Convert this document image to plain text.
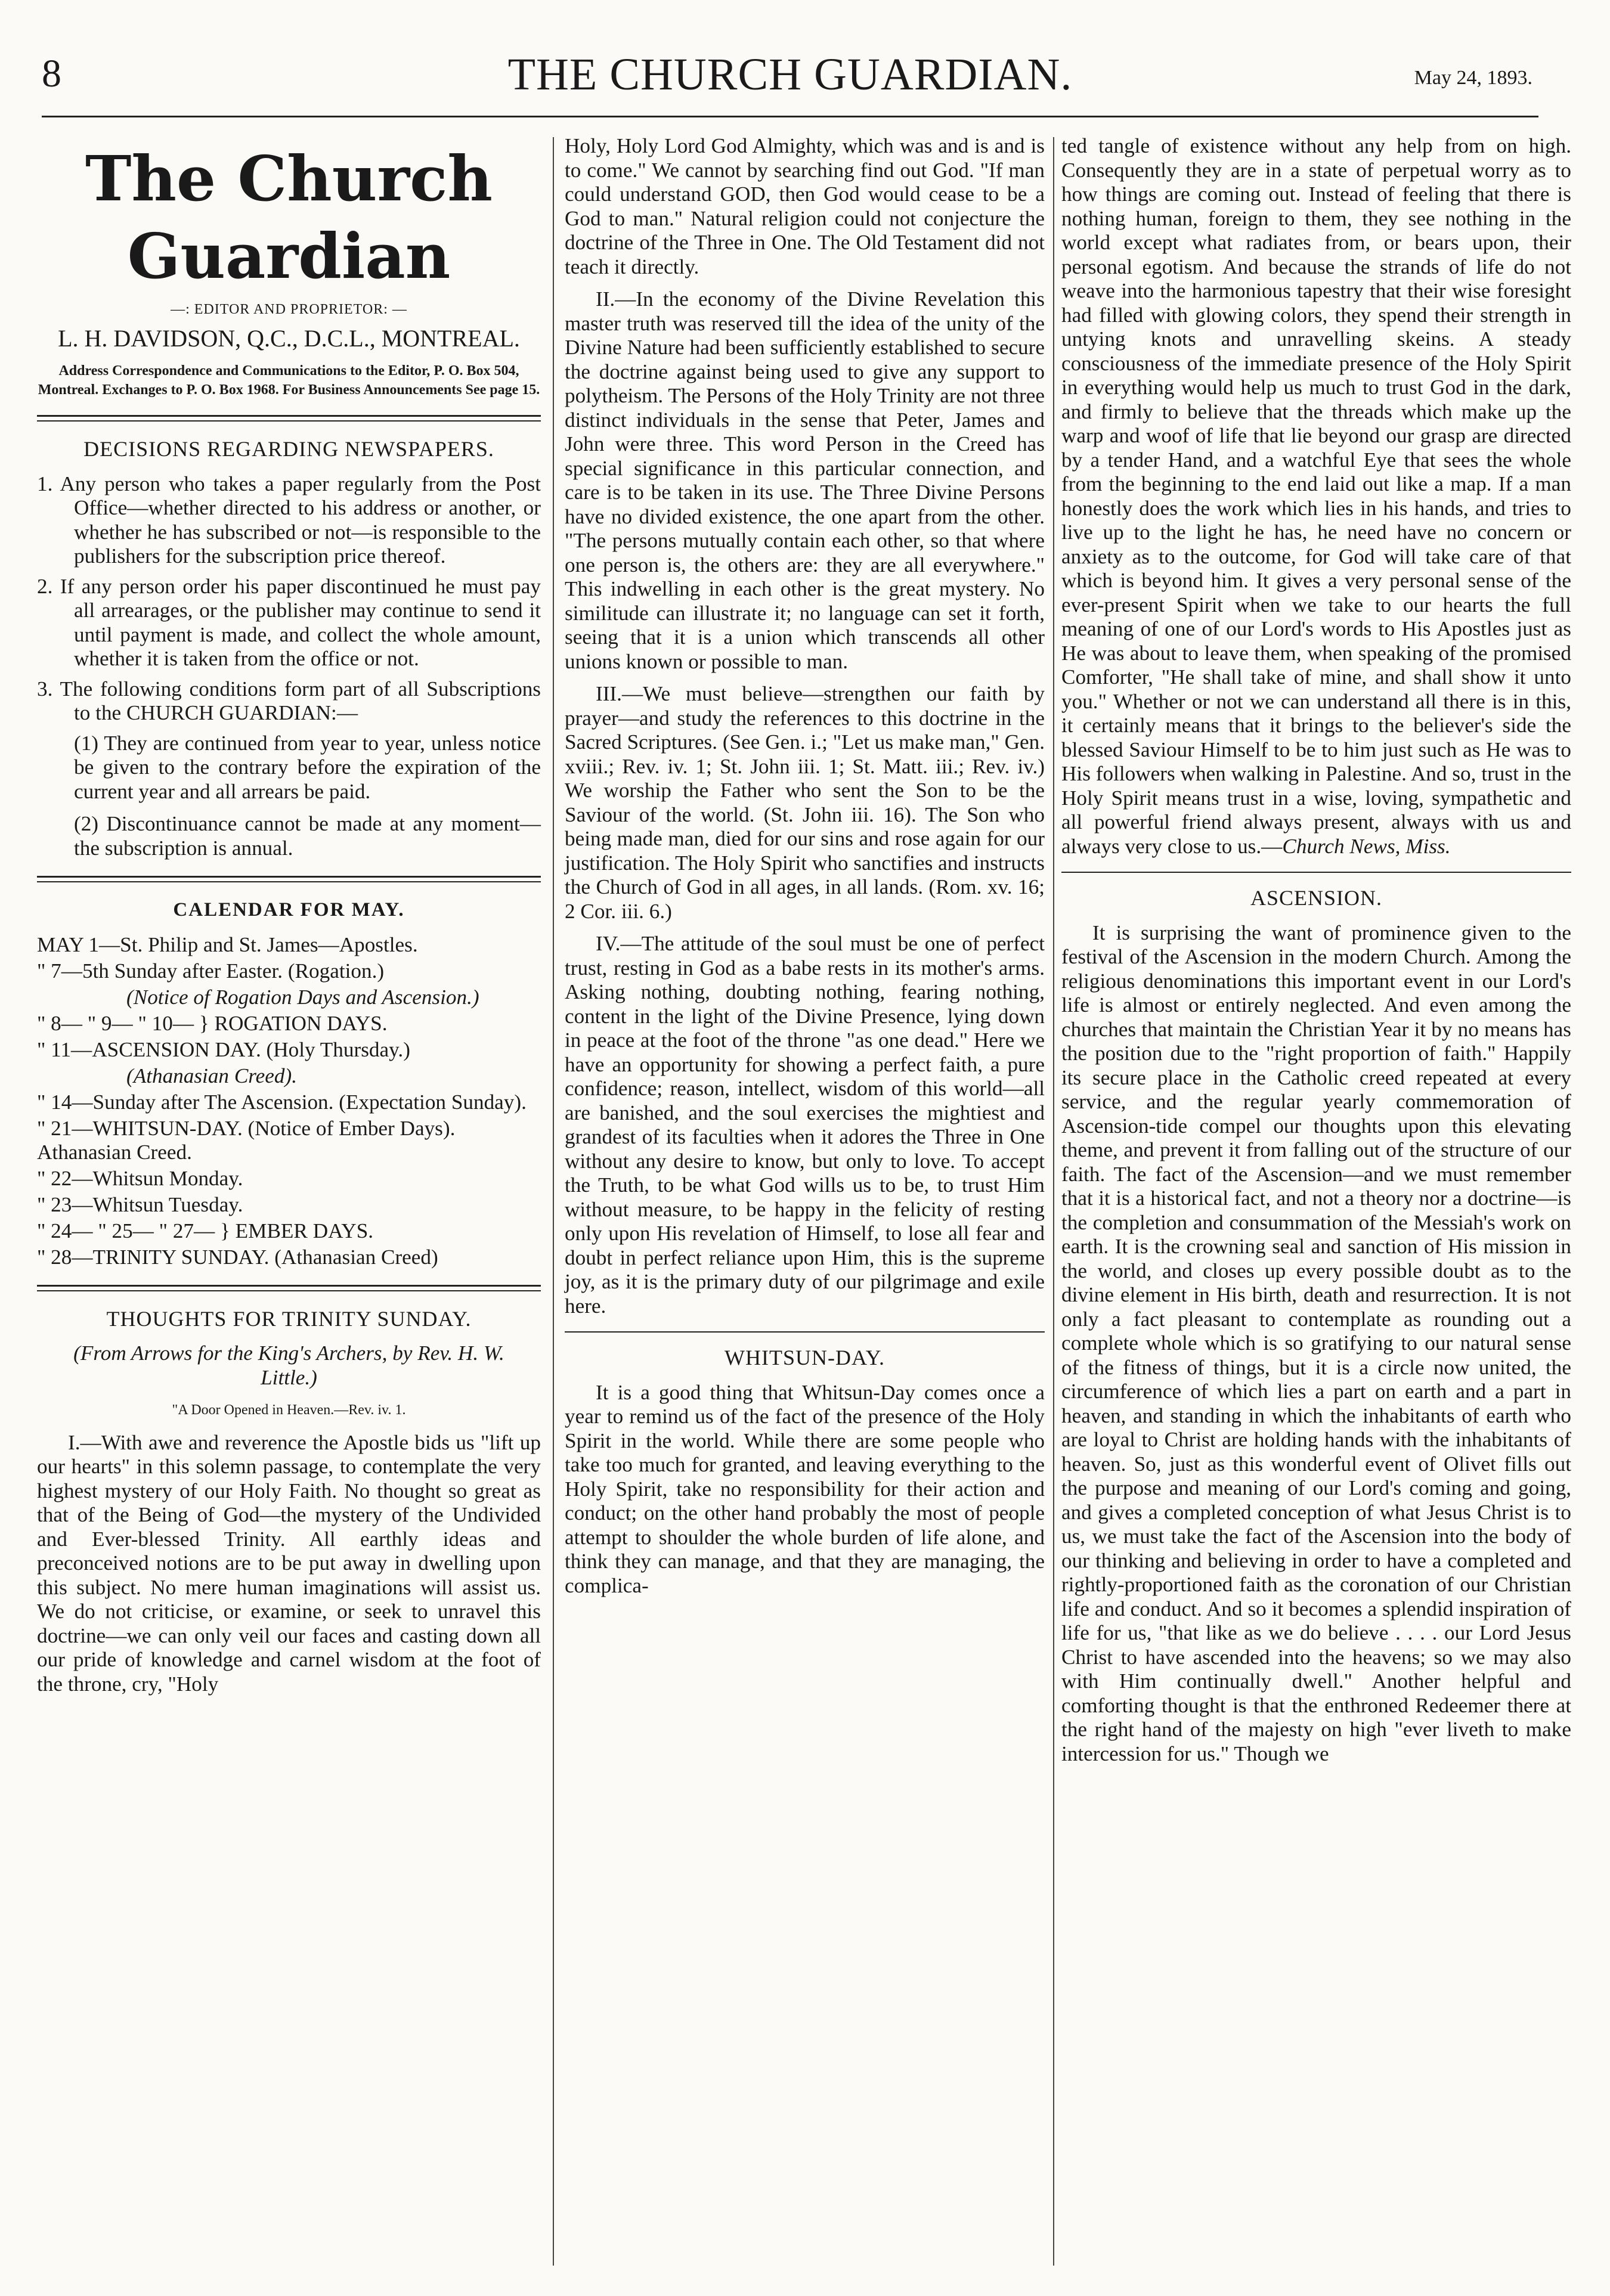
8	THE CHURCH GUARDIAN.	May 24, 1893.
The Church Guardian
—: EDITOR AND PROPRIETOR: —
L. H. DAVIDSON, Q.C., D.C.L., MONTREAL.
Address Correspondence and Communications to the Editor, P. O. Box 504, Montreal. Exchanges to P. O. Box 1968. For Business Announcements See page 15.
DECISIONS REGARDING NEWSPAPERS.

1. Any person who takes a paper regularly from the Post Office—whether directed to his address or another, or whether he has subscribed or not—is responsible to the publishers for the subscription price thereof.

2. If any person order his paper discontinued he must pay all arrearages, or the publisher may continue to send it until payment is made, and collect the whole amount, whether it is taken from the office or not.

3. The following conditions form part of all Subscriptions to the CHURCH GUARDIAN:—

(1) They are continued from year to year, unless notice be given to the contrary before the expiration of the current year and all arrears be paid.

(2) Discontinuance cannot be made at any moment—the subscription is annual.

CALENDAR FOR MAY.

MAY 1—St. Philip and St. James—Apostles.

" 7—5th Sunday after Easter. (Rogation.)

(Notice of Rogation Days and Ascension.)

" 8— " 9— " 10— } ROGATION DAYS.

" 11—ASCENSION DAY. (Holy Thursday.)

(Athanasian Creed).

" 14—Sunday after The Ascension. (Expectation Sunday).

" 21—WHITSUN-DAY. (Notice of Ember Days). Athanasian Creed.

" 22—Whitsun Monday.

" 23—Whitsun Tuesday.

" 24— " 25— " 27— } EMBER DAYS.

" 28—TRINITY SUNDAY. (Athanasian Creed)

THOUGHTS FOR TRINITY SUNDAY.
(From Arrows for the King's Archers, by Rev. H. W. Little.)
"A Door Opened in Heaven.—Rev. iv. 1.

I.—With awe and reverence the Apostle bids us "lift up our hearts" in this solemn passage, to contemplate the very highest mystery of our Holy Faith. No thought so great as that of the Being of God—the mystery of the Undivided and Ever-blessed Trinity. All earthly ideas and preconceived notions are to be put away in dwelling upon this subject. No mere human imaginations will assist us. We do not criticise, or examine, or seek to unravel this doctrine—we can only veil our faces and casting down all our pride of knowledge and carnel wisdom at the foot of the throne, cry, "Holy

Holy, Holy Lord God Almighty, which was and is and is to come." We cannot by searching find out God. "If man could understand GOD, then God would cease to be a God to man." Natural religion could not conjecture the doctrine of the Three in One. The Old Testament did not teach it directly.

II.—In the economy of the Divine Revelation this master truth was reserved till the idea of the unity of the Divine Nature had been sufficiently established to secure the doctrine against being used to give any support to polytheism. The Persons of the Holy Trinity are not three distinct individuals in the sense that Peter, James and John were three. This word Person in the Creed has special significance in this particular connection, and care is to be taken in its use. The Three Divine Persons have no divided existence, the one apart from the other. "The persons mutually contain each other, so that where one person is, the others are: they are all everywhere." This indwelling in each other is the great mystery. No similitude can illustrate it; no language can set it forth, seeing that it is a union which transcends all other unions known or possible to man.

III.—We must believe—strengthen our faith by prayer—and study the references to this doctrine in the Sacred Scriptures. (See Gen. i.; "Let us make man," Gen. xviii.; Rev. iv. 1; St. John iii. 1; St. Matt. iii.; Rev. iv.) We worship the Father who sent the Son to be the Saviour of the world. (St. John iii. 16). The Son who being made man, died for our sins and rose again for our justification. The Holy Spirit who sanctifies and instructs the Church of God in all ages, in all lands. (Rom. xv. 16; 2 Cor. iii. 6.)

IV.—The attitude of the soul must be one of perfect trust, resting in God as a babe rests in its mother's arms. Asking nothing, doubting nothing, fearing nothing, content in the light of the Divine Presence, lying down in peace at the foot of the throne "as one dead." Here we have an opportunity for showing a perfect faith, a pure confidence; reason, intellect, wisdom of this world—all are banished, and the soul exercises the mightiest and grandest of its faculties when it adores the Three in One without any desire to know, but only to love. To accept the Truth, to be what God wills us to be, to trust Him without measure, to be happy in the felicity of resting only upon His revelation of Himself, to lose all fear and doubt in perfect reliance upon Him, this is the supreme joy, as it is the primary duty of our pilgrimage and exile here.

WHITSUN-DAY.

It is a good thing that Whitsun-Day comes once a year to remind us of the fact of the presence of the Holy Spirit in the world. While there are some people who take too much for granted, and leaving everything to the Holy Spirit, take no responsibility for their action and conduct; on the other hand probably the most of people attempt to shoulder the whole burden of life alone, and think they can manage, and that they are managing, the complica-

ted tangle of existence without any help from on high. Consequently they are in a state of perpetual worry as to how things are coming out. Instead of feeling that there is nothing human, foreign to them, they see nothing in the world except what radiates from, or bears upon, their personal egotism. And because the strands of life do not weave into the harmonious tapestry that their wise foresight had filled with glowing colors, they spend their strength in untying knots and unravelling skeins. A steady consciousness of the immediate presence of the Holy Spirit in everything would help us much to trust God in the dark, and firmly to believe that the threads which make up the warp and woof of life that lie beyond our grasp are directed by a tender Hand, and a watchful Eye that sees the whole from the beginning to the end laid out like a map. If a man honestly does the work which lies in his hands, and tries to live up to the light he has, he need have no concern or anxiety as to the outcome, for God will take care of that which is beyond him. It gives a very personal sense of the ever-present Spirit when we take to our hearts the full meaning of one of our Lord's words to His Apostles just as He was about to leave them, when speaking of the promised Comforter, "He shall take of mine, and shall show it unto you." Whether or not we can understand all there is in this, it certainly means that it brings to the believer's side the blessed Saviour Himself to be to him just such as He was to His followers when walking in Palestine. And so, trust in the Holy Spirit means trust in a wise, loving, sympathetic and all powerful friend always present, always with us and always very close to us.—Church News, Miss.

ASCENSION.

It is surprising the want of prominence given to the festival of the Ascension in the modern Church. Among the religious denominations this important event in our Lord's life is almost or entirely neglected. And even among the churches that maintain the Christian Year it by no means has the position due to the "right proportion of faith." Happily its secure place in the Catholic creed repeated at every service, and the regular yearly commemoration of Ascension-tide compel our thoughts upon this elevating theme, and prevent it from falling out of the structure of our faith. The fact of the Ascension—and we must remember that it is a historical fact, and not a theory nor a doctrine—is the completion and consummation of the Messiah's work on earth. It is the crowning seal and sanction of His mission in the world, and closes up every possible doubt as to the divine element in His birth, death and resurrection. It is not only a fact pleasant to contemplate as rounding out a complete whole which is so gratifying to our natural sense of the fitness of things, but it is a circle now united, the circumference of which lies a part on earth and a part in heaven, and standing in which the inhabitants of earth who are loyal to Christ are holding hands with the inhabitants of heaven. So, just as this wonderful event of Olivet fills out the purpose and meaning of our Lord's coming and going, and gives a completed conception of what Jesus Christ is to us, we must take the fact of the Ascension into the body of our thinking and believing in order to have a completed and rightly-proportioned faith as the coronation of our Christian life and conduct. And so it becomes a splendid inspiration of life for us, "that like as we do believe . . . . our Lord Jesus Christ to have ascended into the heavens; so we may also with Him continually dwell." Another helpful and comforting thought is that the enthroned Redeemer there at the right hand of the majesty on high "ever liveth to make intercession for us." Though we
